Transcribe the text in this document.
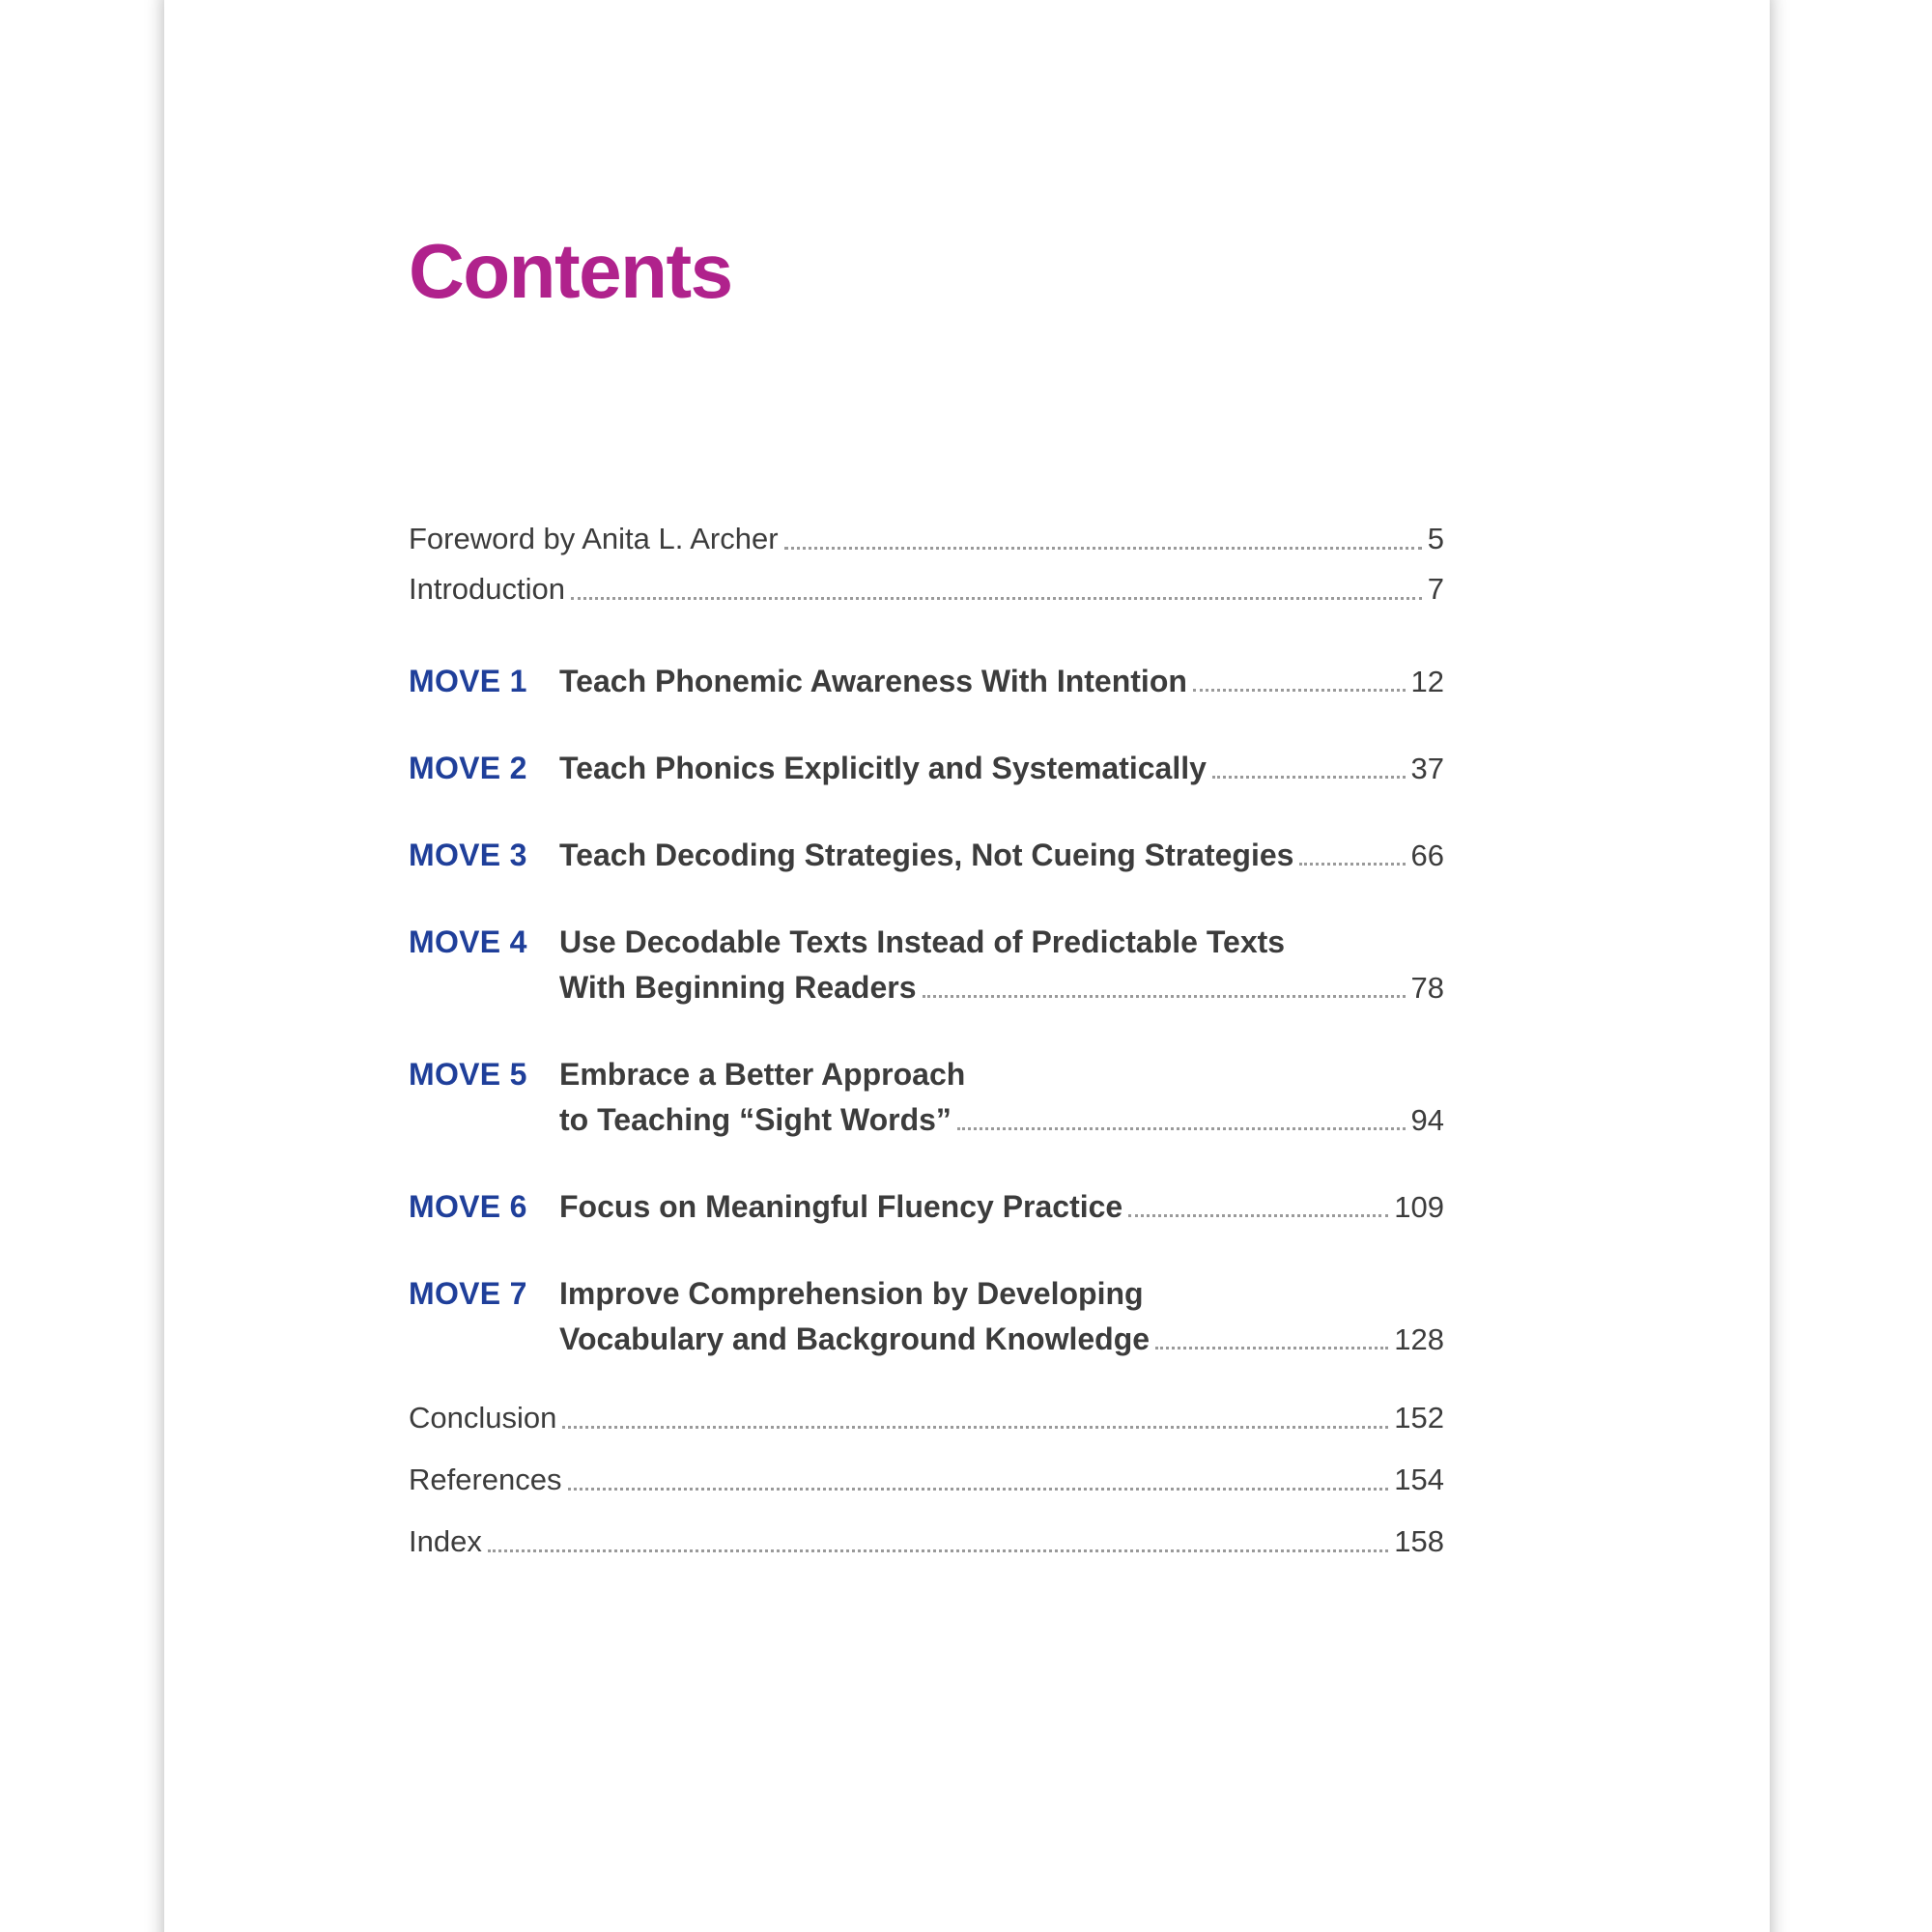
Contents
Foreword by Anita L. Archer	5
Introduction	7
MOVE 1 Teach Phonemic Awareness With Intention	12
MOVE 2 Teach Phonics Explicitly and Systematically	37
MOVE 3 Teach Decoding Strategies, Not Cueing Strategies	66
MOVE 4 Use Decodable Texts Instead of Predictable Texts
With Beginning Readers	78
MOVE 5 Embrace a Better Approach
to Teaching “Sight Words”	94
MOVE 6 Focus on Meaningful Fluency Practice	109
MOVE 7 Improve Comprehension by Developing
Vocabulary and Background Knowledge	128
Conclusion	152
References	154
Index	158
